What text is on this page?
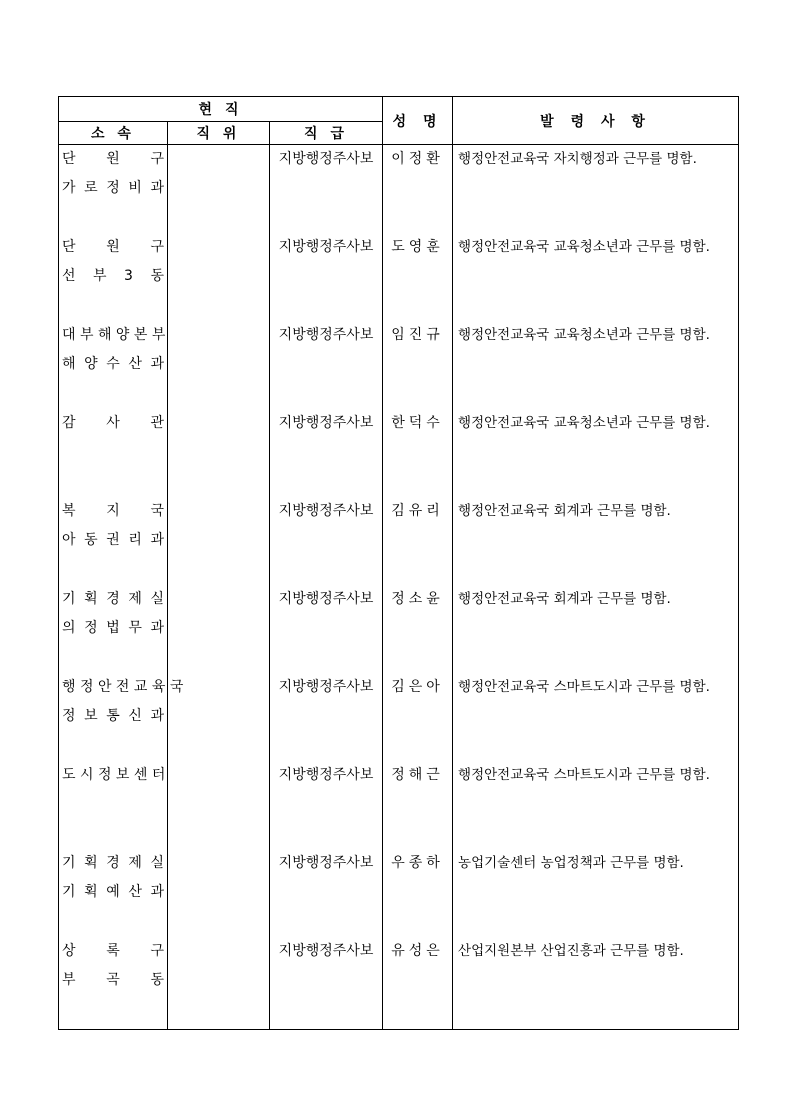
현 직			성 명	발 령 사 항
소 속	직 위	직 급		

단 원 구
가 로 정 비 과		지방행정주사보	이정환	행정안전교육국 자치행정과 근무를 명함.

단 원 구
선 부 3 동		지방행정주사보	도영훈	행정안전교육국 교육청소년과 근무를 명함.

대 부 해 양 본 부
해 양 수 산 과		지방행정주사보	임진규	행정안전교육국 교육청소년과 근무를 명함.

감 사 관		지방행정주사보	한덕수	행정안전교육국 교육청소년과 근무를 명함.

복 지 국
아 동 권 리 과		지방행정주사보	김유리	행정안전교육국 회계과 근무를 명함.

기 획 경 제 실
의 정 법 무 과		지방행정주사보	정소윤	행정안전교육국 회계과 근무를 명함.

행 정 안 전 교 육 국
정 보 통 신 과		지방행정주사보	김은아	행정안전교육국 스마트도시과 근무를 명함.

도 시 정 보 센 터		지방행정주사보	정해근	행정안전교육국 스마트도시과 근무를 명함.

기 획 경 제 실
기 획 예 산 과		지방행정주사보	우종하	농업기술센터 농업정책과 근무를 명함.

상 록 구
부 곡 동		지방행정주사보	유성은	산업지원본부 산업진흥과 근무를 명함.
